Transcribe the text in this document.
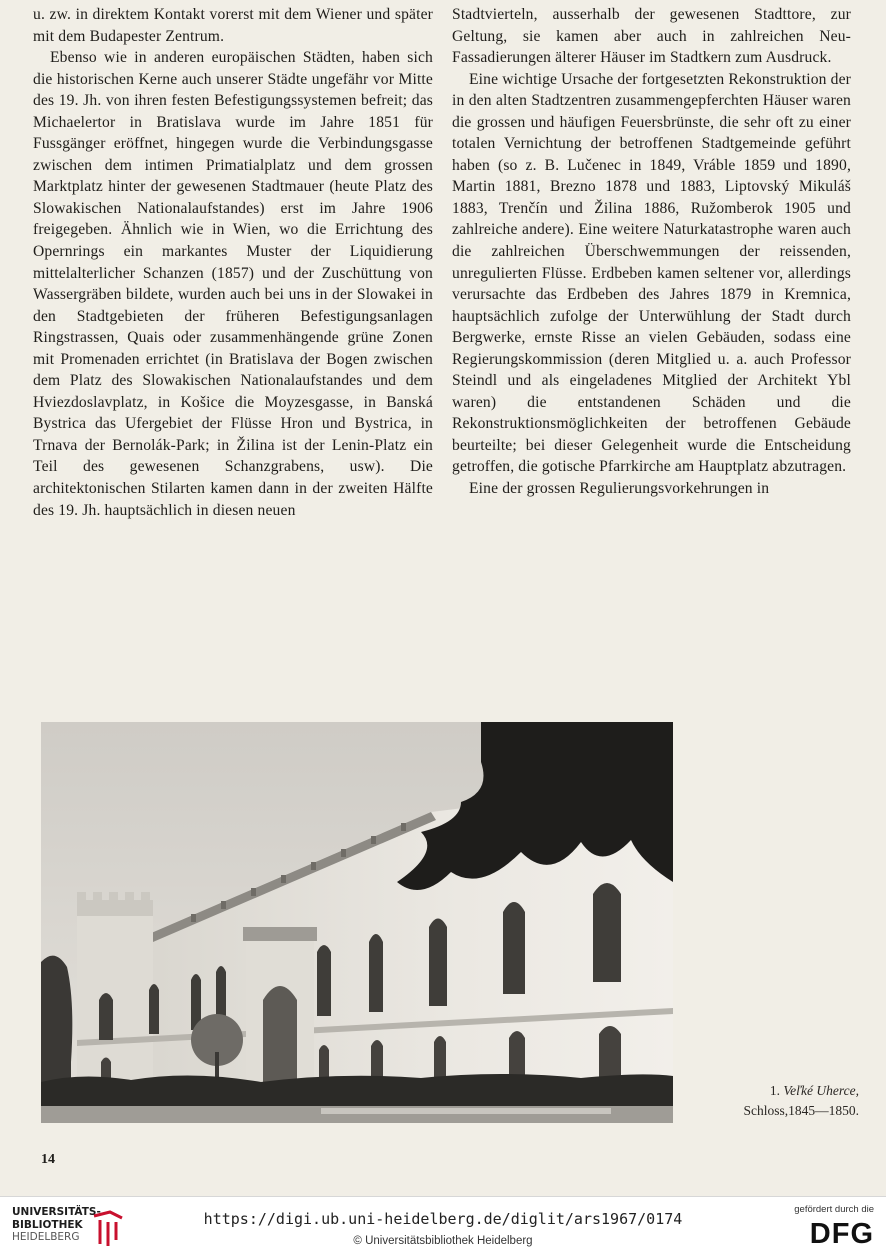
u. zw. in direktem Kontakt vorerst mit dem Wiener und später mit dem Budapester Zentrum.

Ebenso wie in anderen europäischen Städten, haben sich die historischen Kerne auch unserer Städte ungefähr vor Mitte des 19. Jh. von ihren festen Befestigungssystemen befreit; das Michaelertor in Bratislava wurde im Jahre 1851 für Fussgänger eröffnet, hingegen wurde die Verbindungsgasse zwischen dem intimen Primatialplatz und dem grossen Marktplatz hinter der gewesenen Stadtmauer (heute Platz des Slowakischen Nationalaufstandes) erst im Jahre 1906 freigegeben. Ähnlich wie in Wien, wo die Errichtung des Opernrings ein markantes Muster der Liquidierung mittelalterlicher Schanzen (1857) und der Zuschüttung von Wassergräben bildete, wurden auch bei uns in der Slowakei in den Stadtgebieten der früheren Befestigungsanlagen Ringstrassen, Quais oder zusammenhängende grüne Zonen mit Promenaden errichtet (in Bratislava der Bogen zwischen dem Platz des Slowakischen Nationalaufstandes und dem Hviezdoslavplatz, in Košice die Moyzesgasse, in Banská Bystrica das Ufergebiet der Flüsse Hron und Bystrica, in Trnava der Bernolák-Park; in Žilina ist der Lenin-Platz ein Teil des gewesenen Schanzgrabens, usw). Die architektonischen Stilarten kamen dann in der zweiten Hälfte des 19. Jh. hauptsächlich in diesen neuen

Stadtvierteln, ausserhalb der gewesenen Stadttore, zur Geltung, sie kamen aber auch in zahlreichen Neu-Fassadierungen älterer Häuser im Stadtkern zum Ausdruck.

Eine wichtige Ursache der fortgesetzten Rekonstruktion der in den alten Stadtzentren zusammengepferchten Häuser waren die grossen und häufigen Feuersbrünste, die sehr oft zu einer totalen Vernichtung der betroffenen Stadtgemeinde geführt haben (so z. B. Lučenec in 1849, Vráble 1859 und 1890, Martin 1881, Brezno 1878 und 1883, Liptovský Mikuláš 1883, Trenčín und Žilina 1886, Ružomberok 1905 und zahlreiche andere). Eine weitere Naturkatastrophe waren auch die zahlreichen Überschwemmungen der reissenden, unregulierten Flüsse. Erdbeben kamen seltener vor, allerdings verursachte das Erdbeben des Jahres 1879 in Kremnica, hauptsächlich zufolge der Unterwühlung der Stadt durch Bergwerke, ernste Risse an vielen Gebäuden, sodass eine Regierungskommission (deren Mitglied u. a. auch Professor Steindl und als eingeladenes Mitglied der Architekt Ybl waren) die entstandenen Schäden und die Rekonstruktionsmöglichkeiten der betroffenen Gebäude beurteilte; bei dieser Gelegenheit wurde die Entscheidung getroffen, die gotische Pfarrkirche am Hauptplatz abzutragen.

Eine der grossen Regulierungsvorkehrungen in

1. Veľké Uherce,
Schloss,1845—1850.
14
UNIVERSITÄTS-
BIBLIOTHEK
HEIDELBERG
https://digi.ub.uni-heidelberg.de/diglit/ars1967/0174
© Universitätsbibliothek Heidelberg
gefördert durch die
DFG
